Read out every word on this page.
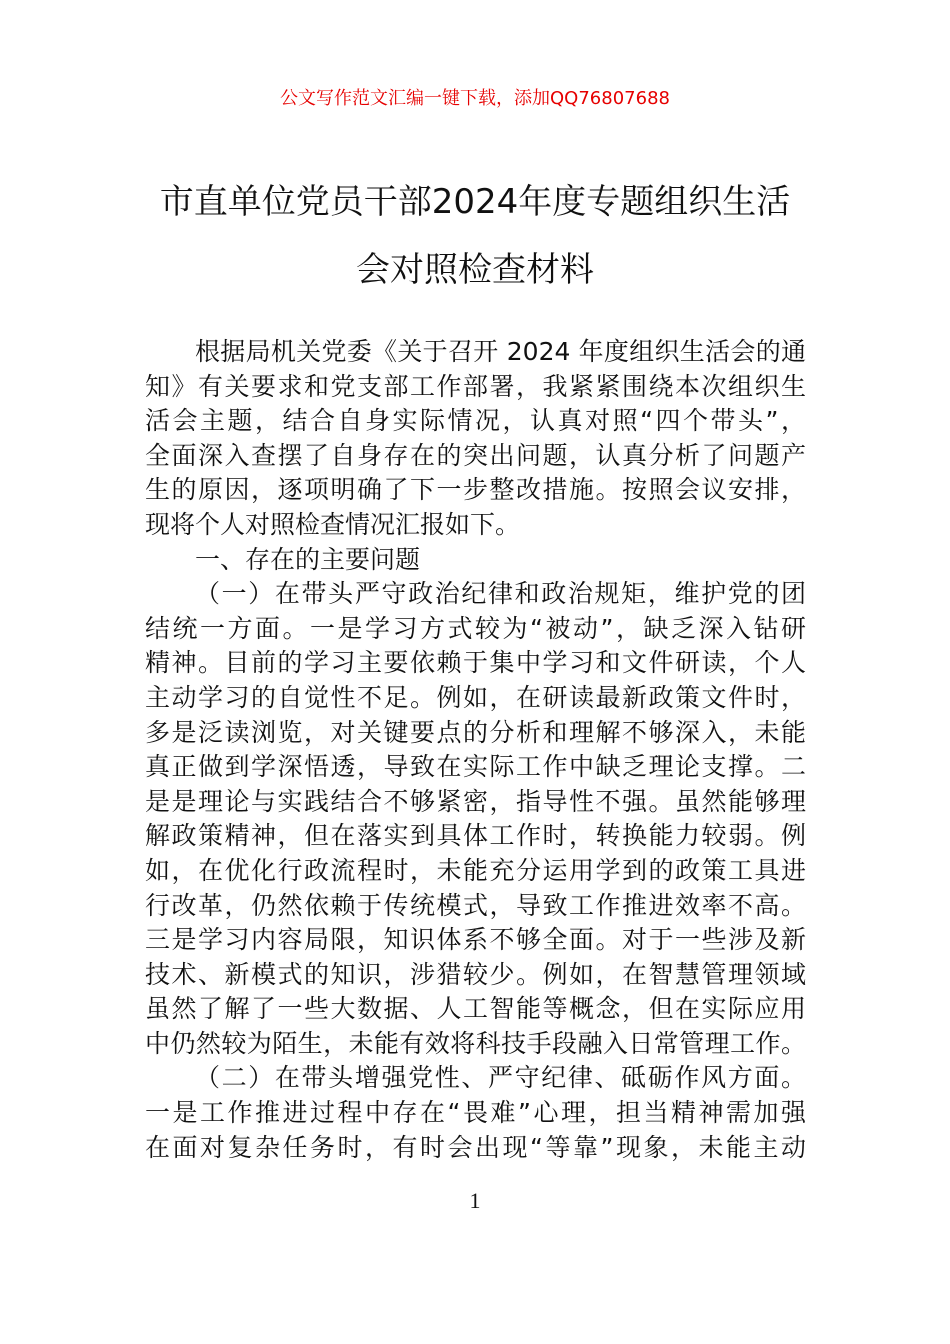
公文写作范文汇编一键下载，添加QQ76807688
市直单位党员干部2024年度专题组织生活
会对照检查材料
根据局机关党委《关于召开 2024 年度组织生活会的通
知》有关要求和党支部工作部署，我紧紧围绕本次组织生
活会主题，结合自身实际情况，认真对照“四个带头”，
全面深入查摆了自身存在的突出问题，认真分析了问题产
生的原因，逐项明确了下一步整改措施。按照会议安排，
现将个人对照检查情况汇报如下。
一、存在的主要问题
（一）在带头严守政治纪律和政治规矩，维护党的团
结统一方面。一是学习方式较为“被动”，缺乏深入钻研
精神。目前的学习主要依赖于集中学习和文件研读，个人
主动学习的自觉性不足。例如，在研读最新政策文件时，
多是泛读浏览，对关键要点的分析和理解不够深入，未能
真正做到学深悟透，导致在实际工作中缺乏理论支撑。二
是是理论与实践结合不够紧密，指导性不强。虽然能够理
解政策精神，但在落实到具体工作时，转换能力较弱。例
如，在优化行政流程时，未能充分运用学到的政策工具进
行改革，仍然依赖于传统模式，导致工作推进效率不高。
三是学习内容局限，知识体系不够全面。对于一些涉及新
技术、新模式的知识，涉猎较少。例如，在智慧管理领域
虽然了解了一些大数据、人工智能等概念，但在实际应用
中仍然较为陌生，未能有效将科技手段融入日常管理工作。
（二）在带头增强党性、严守纪律、砥砺作风方面。
一是工作推进过程中存在“畏难”心理，担当精神需加强
在面对复杂任务时，有时会出现“等靠”现象，未能主动
1
